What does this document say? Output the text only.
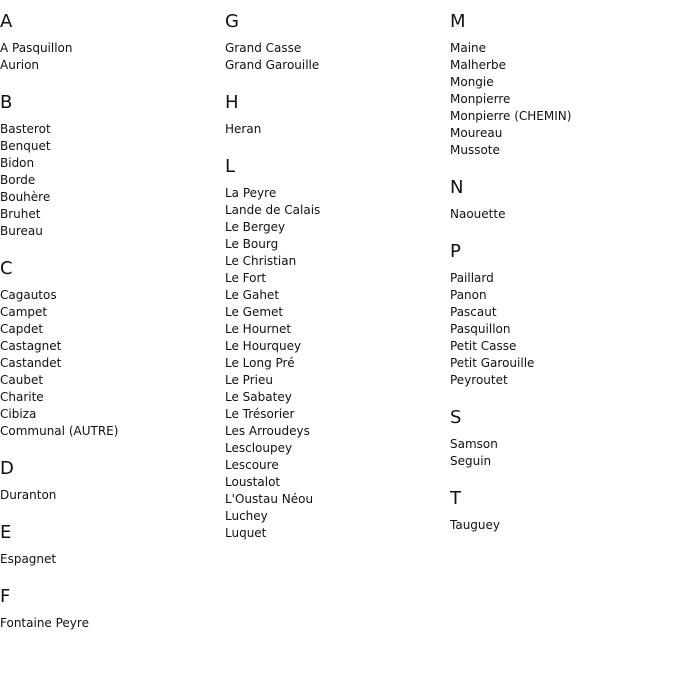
A
A Pasquillon
Aurion
B
Basterot
Benquet
Bidon
Borde
Bouhère
Bruhet
Bureau
C
Cagautos
Campet
Capdet
Castagnet
Castandet
Caubet
Charite
Cibiza
Communal (AUTRE)
D
Duranton
E
Espagnet
F
Fontaine Peyre
G
Grand Casse
Grand Garouille
H
Heran
L
La Peyre
Lande de Calais
Le Bergey
Le Bourg
Le Christian
Le Fort
Le Gahet
Le Gemet
Le Hournet
Le Hourquey
Le Long Pré
Le Prieu
Le Sabatey
Le Trésorier
Les Arroudeys
Lescloupey
Lescoure
Loustalot
L'Oustau Néou
Luchey
Luquet
M
Maine
Malherbe
Mongie
Monpierre
Monpierre (CHEMIN)
Moureau
Mussote
N
Naouette
P
Paillard
Panon
Pascaut
Pasquillon
Petit Casse
Petit Garouille
Peyroutet
S
Samson
Seguin
T
Tauguey
